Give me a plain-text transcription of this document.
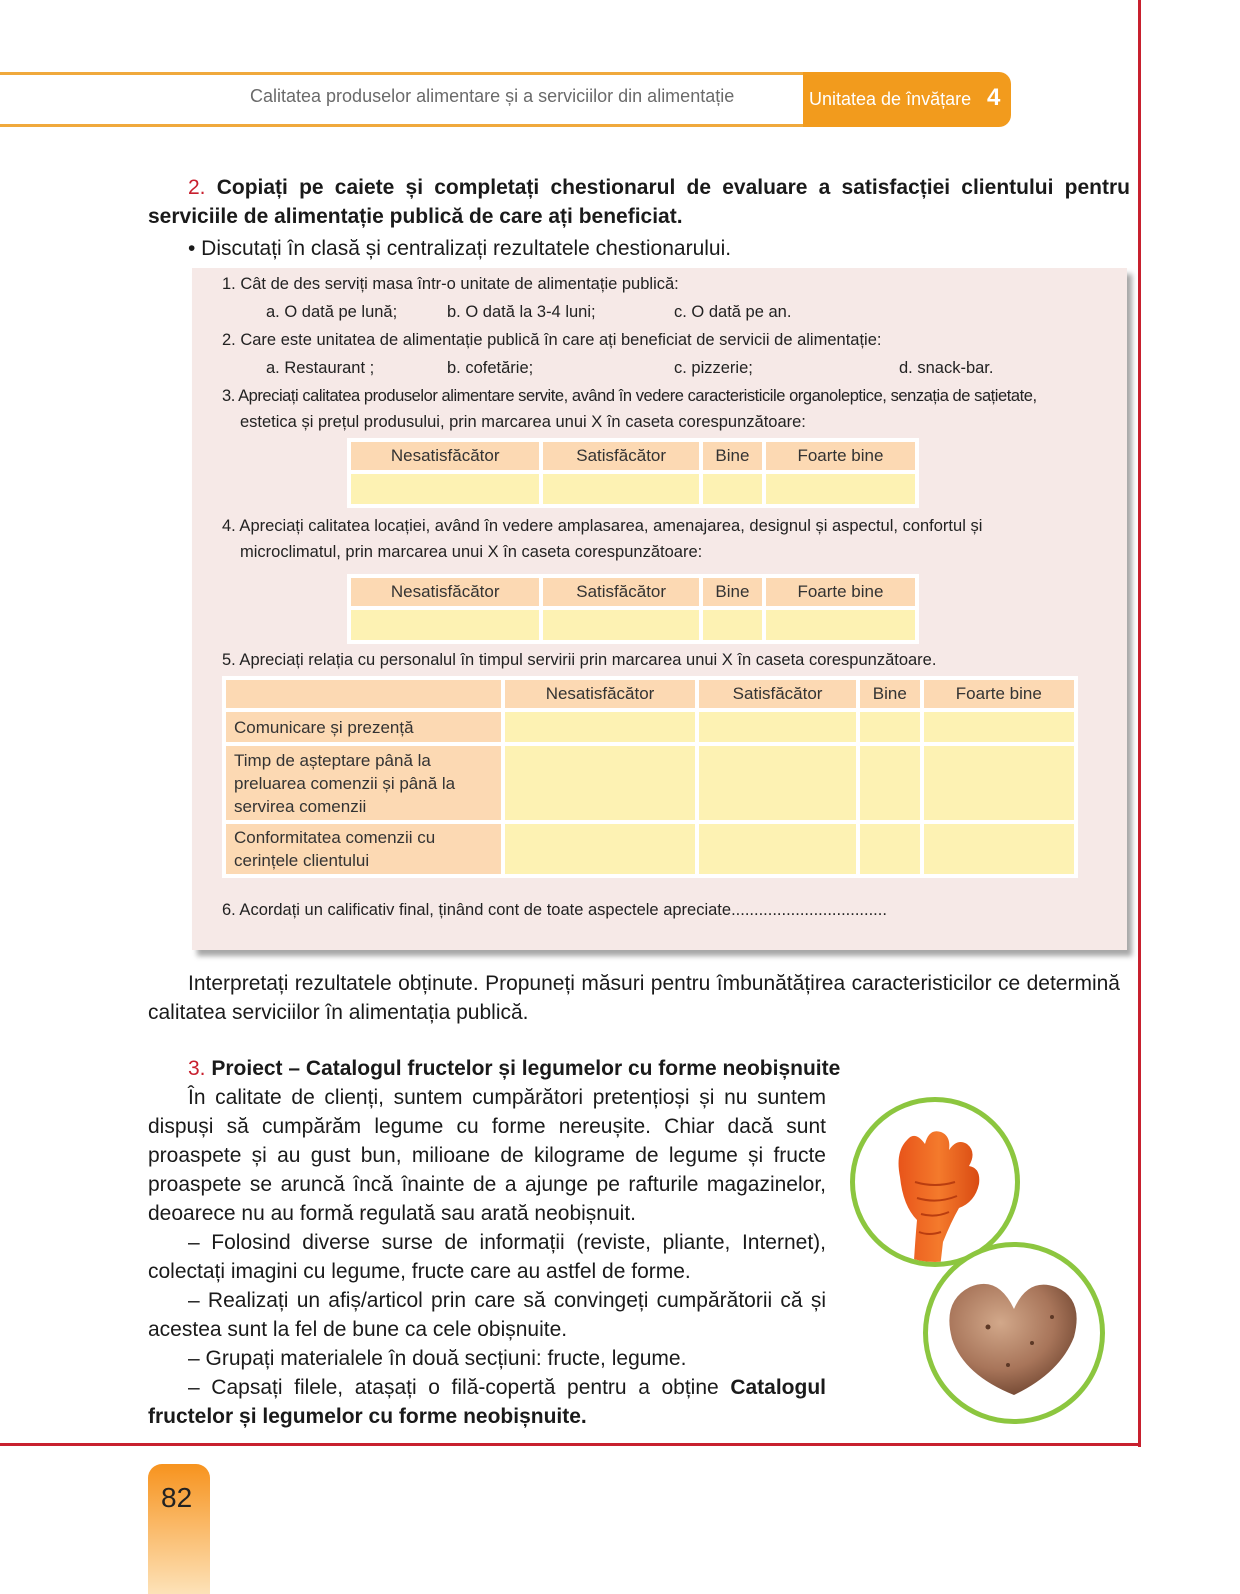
Calitatea produselor alimentare și a serviciilor din alimentație	Unitatea de învățare 4
2. Copiați pe caiete și completați chestionarul de evaluare a satisfacției clientului pentru serviciile de alimentație publică de care ați beneficiat.
• Discutați în clasă și centralizați rezultatele chestionarului.
1. Cât de des serviți masa într-o unitate de alimentație publică:
a. O dată pe lună;	b. O dată la 3-4 luni;	c. O dată pe an.
2. Care este unitatea de alimentație publică în care ați beneficiat de servicii de alimentație:
a. Restaurant ;	b. cofetărie;	c. pizzerie;	d. snack-bar.
3. Apreciați calitatea produselor alimentare servite, având în vedere caracteristicile organoleptice, senzația de sațietate,
estetica și prețul produsului, prin marcarea unui X în caseta corespunzătoare:
Nesatisfăcător	Satisfăcător	Bine	Foarte bine

4. Apreciați calitatea locației, având în vedere amplasarea, amenajarea, designul și aspectul, confortul și
microclimatul, prin marcarea unui X în caseta corespunzătoare:
Nesatisfăcător	Satisfăcător	Bine	Foarte bine

5. Apreciați relația cu personalul în timpul servirii prin marcarea unui X în caseta corespunzătoare.
	Nesatisfăcător	Satisfăcător	Bine	Foarte bine
Comunicare și prezență				
Timp de așteptare până la preluarea comenzii și până la servirea comenzii				
Conformitatea comenzii cu cerințele clientului				
6. Acordați un calificativ final, ținând cont de toate aspectele apreciate..................................
Interpretați rezultatele obținute. Propuneți măsuri pentru îmbunătățirea caracteristicilor ce determină calitatea serviciilor în alimentația publică.
3. Proiect – Catalogul fructelor și legumelor cu forme neobișnuite
În calitate de clienți, suntem cumpărători pretențioși și nu suntem dispuși să cumpărăm legume cu forme nereușite. Chiar dacă sunt proaspete și au gust bun, milioane de kilograme de legume și fructe proaspete se aruncă încă înainte de a ajunge pe rafturile magazinelor, deoarece nu au formă regulată sau arată neobișnuit.
– Folosind diverse surse de informații (reviste, pliante, Internet), colectați imagini cu legume, fructe care au astfel de forme.
– Realizați un afiș/articol prin care să convingeți cumpărătorii că și acestea sunt la fel de bune ca cele obișnuite.
– Grupați materialele în două secțiuni: fructe, legume.
– Capsați filele, atașați o filă-copertă pentru a obține Catalogul fructelor și legumelor cu forme neobișnuite.
82
